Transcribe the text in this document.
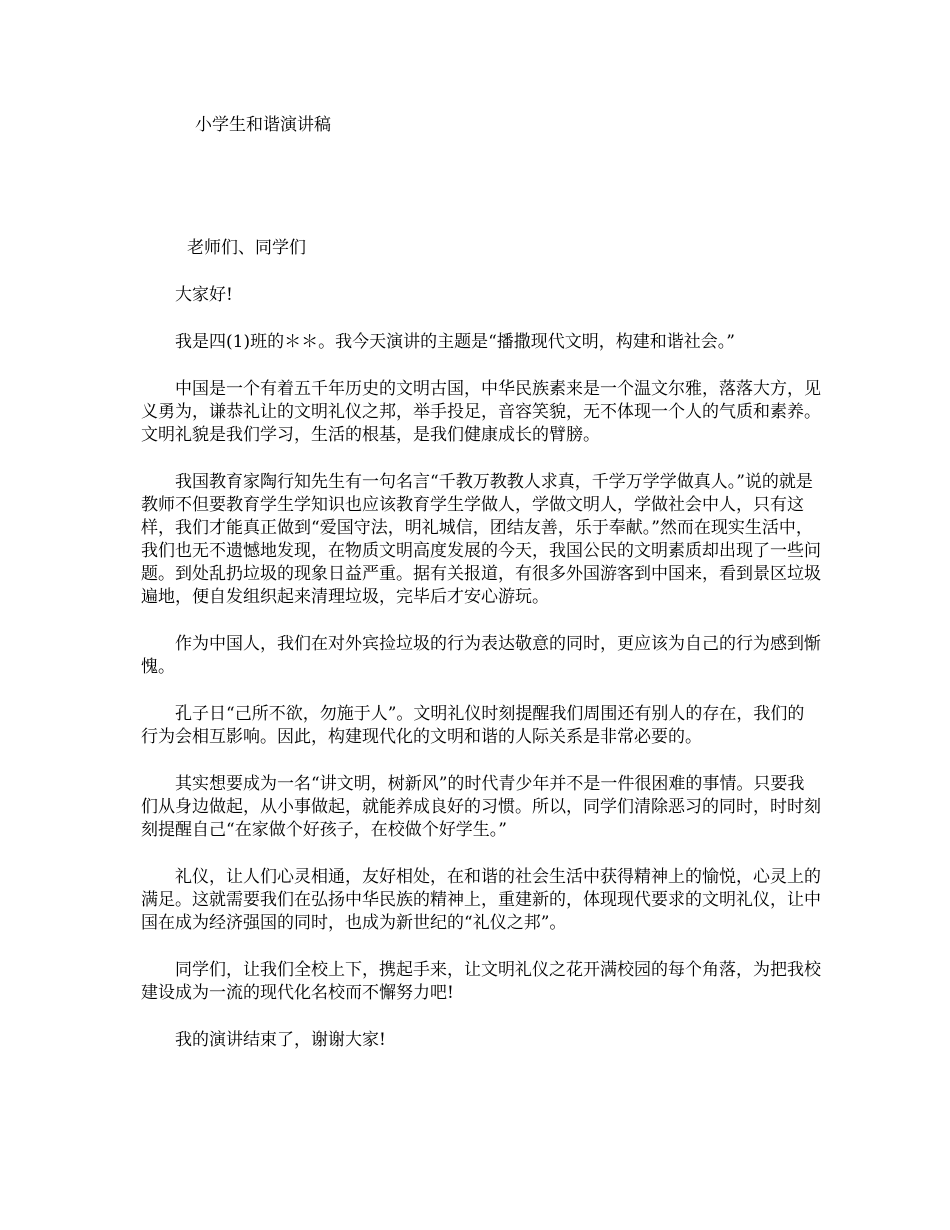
小学生和谐演讲稿

老师们、同学们

大家好!

我是四(1)班的＊＊。我今天演讲的主题是“播撒现代文明，构建和谐社会。”

中国是一个有着五千年历史的文明古国，中华民族素来是一个温文尔雅，落落大方，见义勇为，谦恭礼让的文明礼仪之邦，举手投足，音容笑貌，无不体现一个人的气质和素养。文明礼貌是我们学习，生活的根基，是我们健康成长的臂膀。

我国教育家陶行知先生有一句名言“千教万教教人求真，千学万学学做真人。”说的就是教师不但要教育学生学知识也应该教育学生学做人，学做文明人，学做社会中人，只有这样，我们才能真正做到“爱国守法，明礼城信，团结友善，乐于奉献。”然而在现实生活中，我们也无不遗憾地发现，在物质文明高度发展的今天，我国公民的文明素质却出现了一些问题。到处乱扔垃圾的现象日益严重。据有关报道，有很多外国游客到中国来，看到景区垃圾遍地，便自发组织起来清理垃圾，完毕后才安心游玩。

作为中国人，我们在对外宾捡垃圾的行为表达敬意的同时，更应该为自己的行为感到惭愧。

孔子日“己所不欲，勿施于人”。文明礼仪时刻提醒我们周围还有别人的存在，我们的行为会相互影响。因此，构建现代化的文明和谐的人际关系是非常必要的。

其实想要成为一名“讲文明，树新风”的时代青少年并不是一件很困难的事情。只要我们从身边做起，从小事做起，就能养成良好的习惯。所以，同学们清除恶习的同时，时时刻刻提醒自己“在家做个好孩子，在校做个好学生。”

礼仪，让人们心灵相通，友好相处，在和谐的社会生活中获得精神上的愉悦，心灵上的满足。这就需要我们在弘扬中华民族的精神上，重建新的，体现现代要求的文明礼仪，让中国在成为经济强国的同时，也成为新世纪的“礼仪之邦”。

同学们，让我们全校上下，携起手来，让文明礼仪之花开满校园的每个角落，为把我校建设成为一流的现代化名校而不懈努力吧!

我的演讲结束了，谢谢大家!
